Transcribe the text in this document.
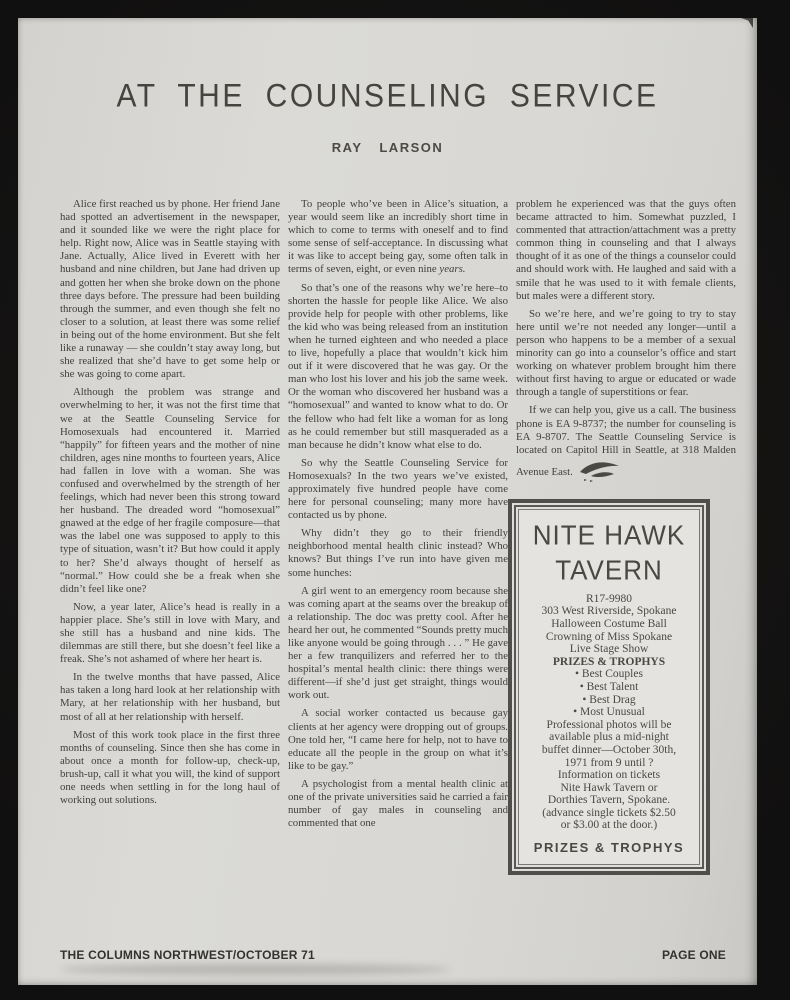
AT THE COUNSELING SERVICE
RAY LARSON

Alice first reached us by phone. Her friend Jane had spotted an advertisement in the newspaper, and it sounded like we were the right place for help. Right now, Alice was in Seattle staying with Jane. Actually, Alice lived in Everett with her husband and nine children, but Jane had driven up and gotten her when she broke down on the phone three days before. The pressure had been building through the summer, and even though she felt no closer to a solution, at least there was some relief in being out of the home environment. But she felt like a runaway — she couldn’t stay away long, but she realized that she’d have to get some help or she was going to come apart.

Although the problem was strange and overwhelming to her, it was not the first time that we at the Seattle Counseling Service for Homosexuals had encountered it. Married “happily” for fifteen years and the mother of nine children, ages nine months to fourteen years, Alice had fallen in love with a woman. She was confused and overwhelmed by the strength of her feelings, which had never been this strong toward her husband. The dreaded word “homosexual” gnawed at the edge of her fragile composure—that was the label one was supposed to apply to this type of situation, wasn’t it? But how could it apply to her? She’d always thought of herself as “normal.” How could she be a freak when she didn’t feel like one?

Now, a year later, Alice’s head is really in a happier place. She’s still in love with Mary, and she still has a husband and nine kids. The dilemmas are still there, but she doesn’t feel like a freak. She’s not ashamed of where her heart is.

In the twelve months that have passed, Alice has taken a long hard look at her relationship with Mary, at her relationship with her husband, but most of all at her relationship with herself.

Most of this work took place in the first three months of counseling. Since then she has come in about once a month for follow-up, check-up, brush-up, call it what you will, the kind of support one needs when settling in for the long haul of working out solutions.

To people who’ve been in Alice’s situation, a year would seem like an incredibly short time in which to come to terms with oneself and to find some sense of self-acceptance. In discussing what it was like to accept being gay, some often talk in terms of seven, eight, or even nine years.

So that’s one of the reasons why we’re here–to shorten the hassle for people like Alice. We also provide help for people with other problems, like the kid who was being released from an institution when he turned eighteen and who needed a place to live, hopefully a place that wouldn’t kick him out if it were discovered that he was gay. Or the man who lost his lover and his job the same week. Or the woman who discovered her husband was a “homosexual” and wanted to know what to do. Or the fellow who had felt like a woman for as long as he could remember but still masqueraded as a man because he didn’t know what else to do.

So why the Seattle Counseling Service for Homosexuals? In the two years we’ve existed, approximately five hundred people have come here for personal counseling; many more have contacted us by phone.

Why didn’t they go to their friendly neighborhood mental health clinic instead? Who knows? But things I’ve run into have given me some hunches:

A girl went to an emergency room because she was coming apart at the seams over the breakup of a relationship. The doc was pretty cool. After he heard her out, he commented “Sounds pretty much like anyone would be going through . . . ” He gave her a few tranquilizers and referred her to the hospital’s mental health clinic: there things were different—if she’d just get straight, things would work out.

A social worker contacted us because gay clients at her agency were dropping out of groups. One told her, “I came here for help, not to have to educate all the people in the group on what it’s like to be gay.”

A psychologist from a mental health clinic at one of the private universities said he carried a fair number of gay males in counseling and commented that one

problem he experienced was that the guys often became attracted to him. Somewhat puzzled, I commented that attraction/attachment was a pretty common thing in counseling and that I always thought of it as one of the things a counselor could and should work with. He laughed and said with a smile that he was used to it with female clients, but males were a different story.

So we’re here, and we’re going to try to stay here until we’re not needed any longer—until a person who happens to be a member of a sexual minority can go into a counselor’s office and start working on whatever problem brought him there without first having to argue or educated or wade through a tangle of superstitions or fear.

If we can help you, give us a call. The business phone is EA 9-8737; the number for counseling is EA 9-8707. The Seattle Counseling Service is located on Capitol Hill in Seattle, at 318 Malden Avenue East.

NITE HAWK
TAVERN
R17-9980
303 West Riverside, Spokane
Halloween Costume Ball
Crowning of Miss Spokane
Live Stage Show
PRIZES & TROPHYS
• Best Couples
• Best Talent
• Best Drag
• Most Unusual
Professional photos will be
available plus a mid-night
buffet dinner—October 30th,
1971 from 9 until ?
Information on tickets
Nite Hawk Tavern or
Dorthies Tavern, Spokane.
(advance single tickets $2.50
or $3.00 at the door.)
PRIZES & TROPHYS
THE COLUMNS NORTHWEST/OCTOBER 71	PAGE ONE
